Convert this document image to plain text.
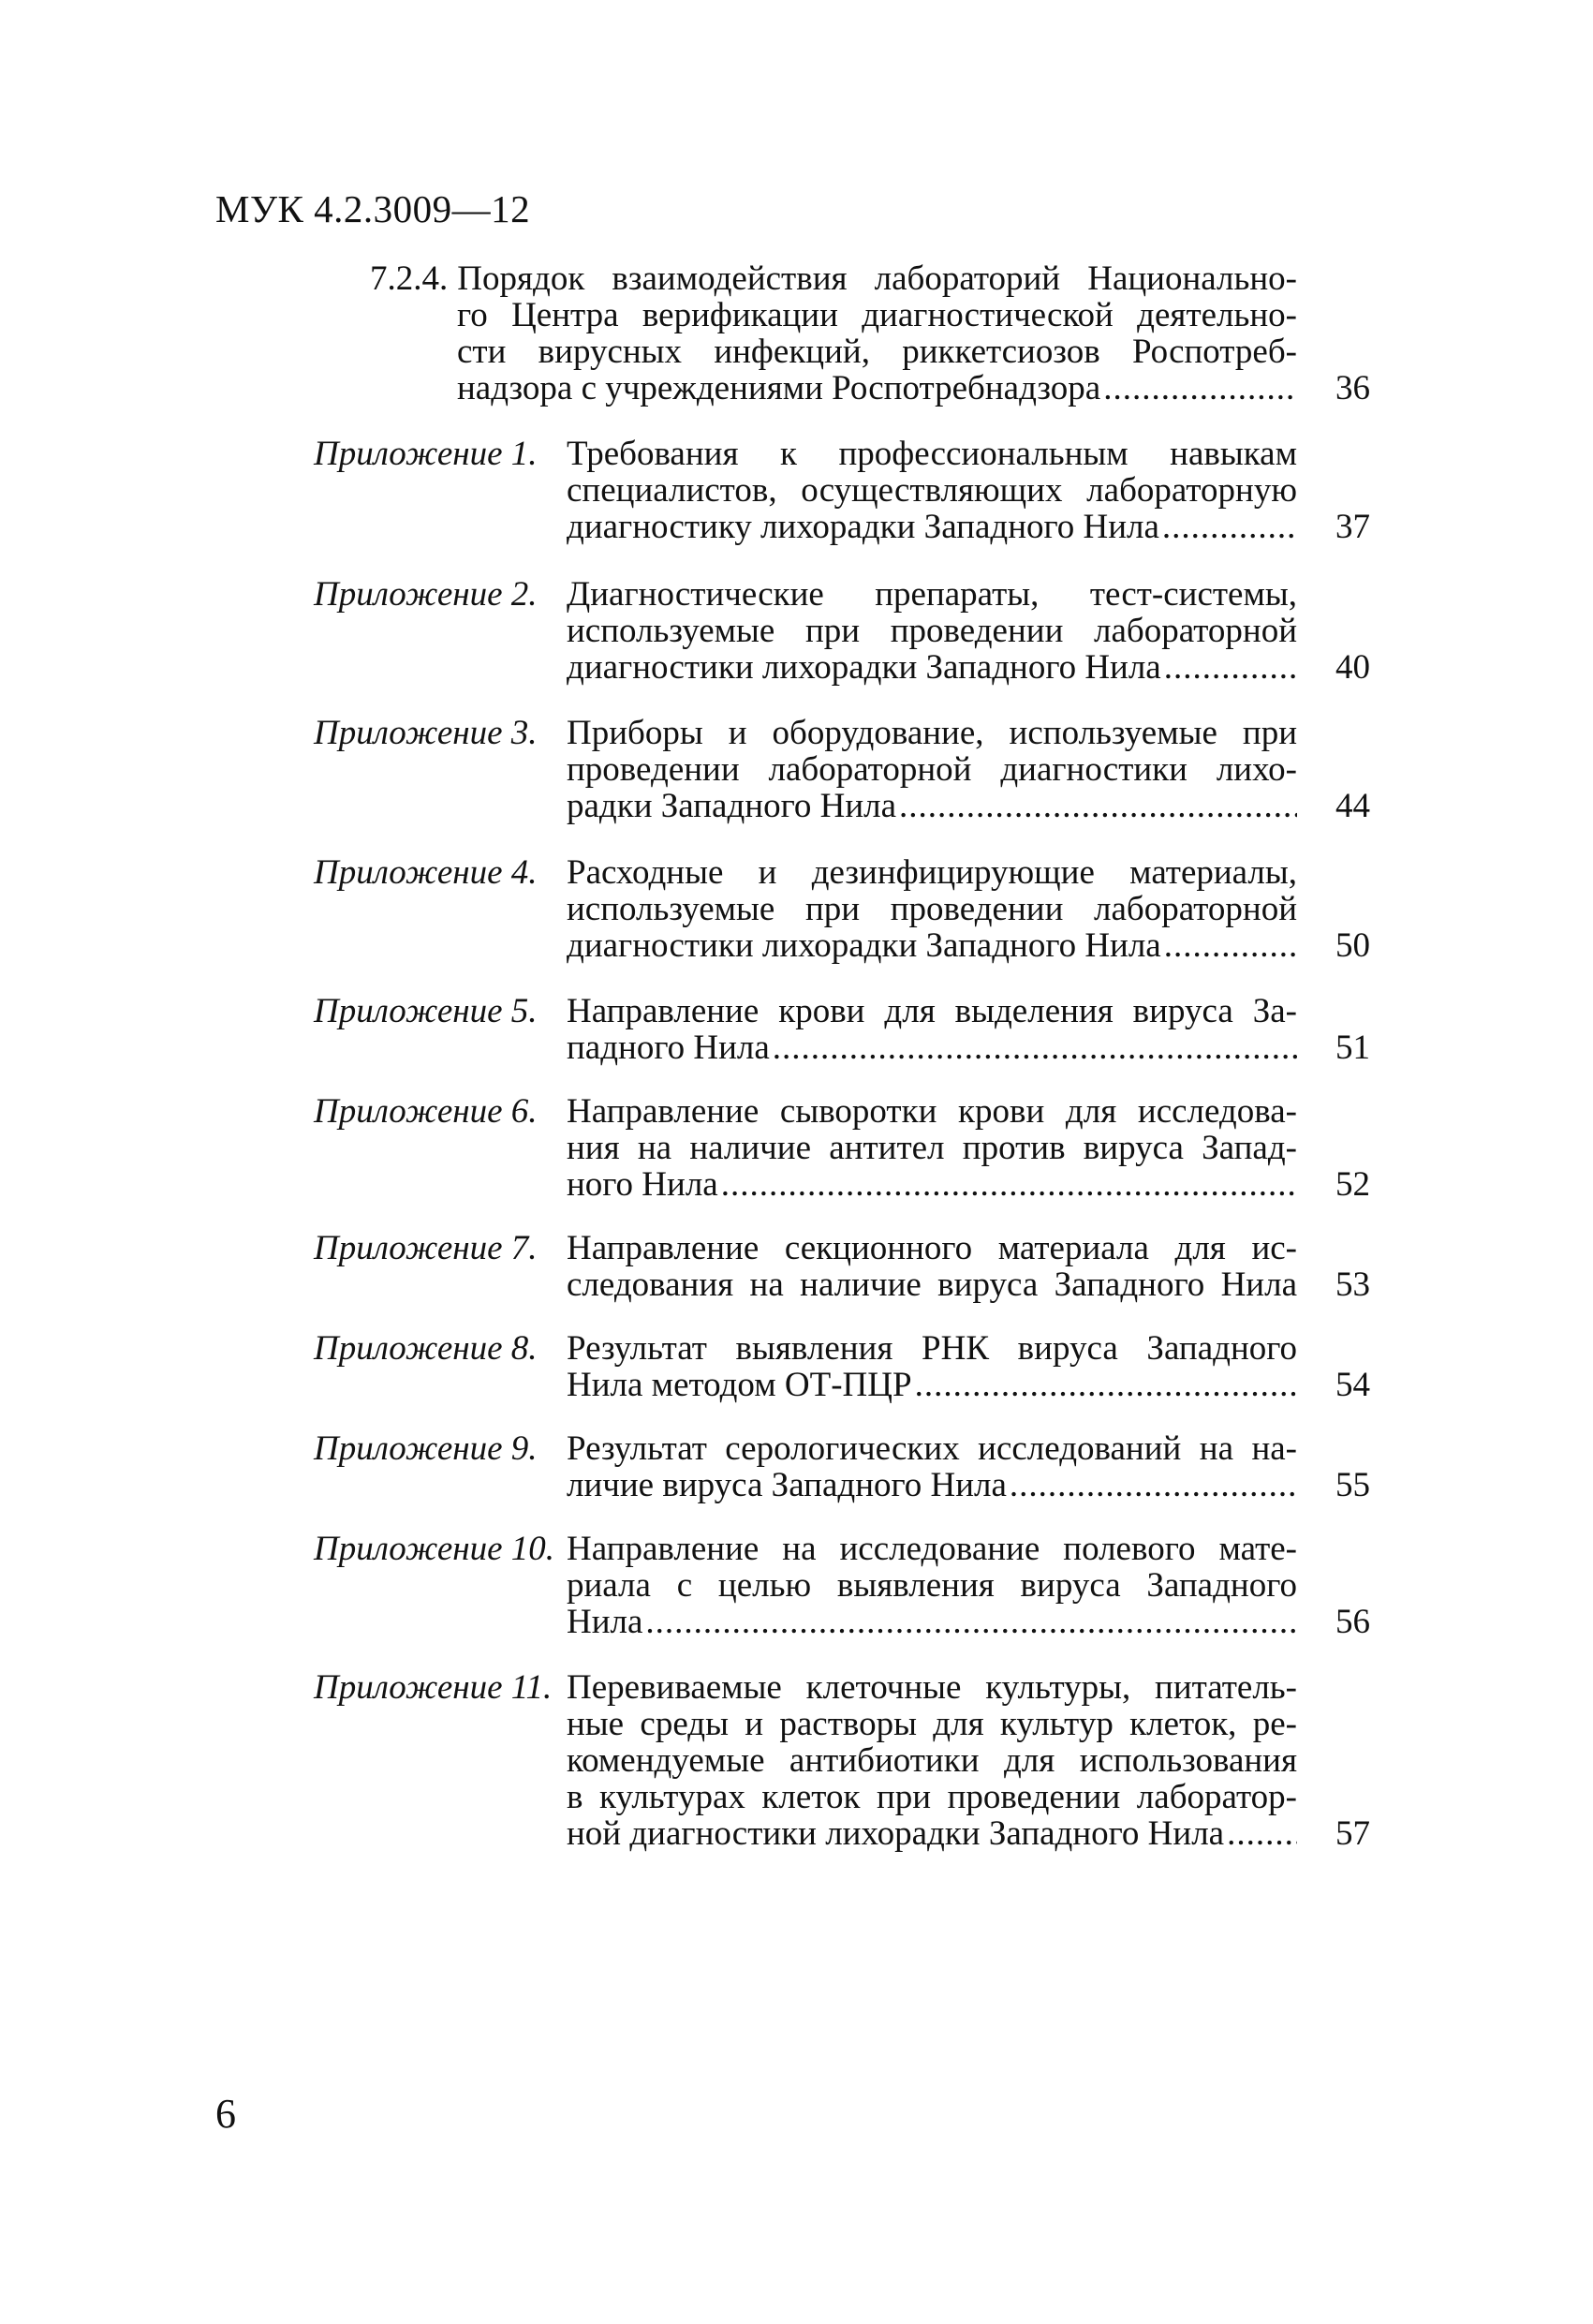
МУК 4.2.3009—12
7.2.4. Порядок взаимодействия лабораторий Национально-
го Центра верификации диагностической деятельно-
сти вирусных инфекций, риккетсиозов Роспотреб-
надзора с учреждениями Роспотребнадзора .....	36
Приложение 1. Требования к профессиональным навыкам
специалистов, осуществляющих лабораторную
диагностику лихорадки Западного Нила .....	37
Приложение 2. Диагностические препараты, тест-системы,
используемые при проведении лабораторной
диагностики лихорадки Западного Нила .....	40
Приложение 3. Приборы и оборудование, используемые при
проведении лабораторной диагностики лихо-
радки Западного Нила .....	44
Приложение 4. Расходные и дезинфицирующие материалы,
используемые при проведении лабораторной
диагностики лихорадки Западного Нила .....	50
Приложение 5. Направление крови для выделения вируса За-
падного Нила .....	51
Приложение 6. Направление сыворотки крови для исследова-
ния на наличие антител против вируса Запад-
ного Нила .....	52
Приложение 7. Направление секционного материала для ис-
следования на наличие вируса Западного Нила 53
Приложение 8. Результат выявления РНК вируса Западного
Нила методом ОТ-ПЦР .....	54
Приложение 9. Результат серологических исследований на на-
личие вируса Западного Нила .....	55
Приложение 10. Направление на исследование полевого мате-
риала с целью выявления вируса Западного
Нила .....	56
Приложение 11. Перевиваемые клеточные культуры, питатель-
ные среды и растворы для культур клеток, ре-
комендуемые антибиотики для использования
в культурах клеток при проведении лаборатор-
ной диагностики лихорадки Западного Нила .....	57
6
